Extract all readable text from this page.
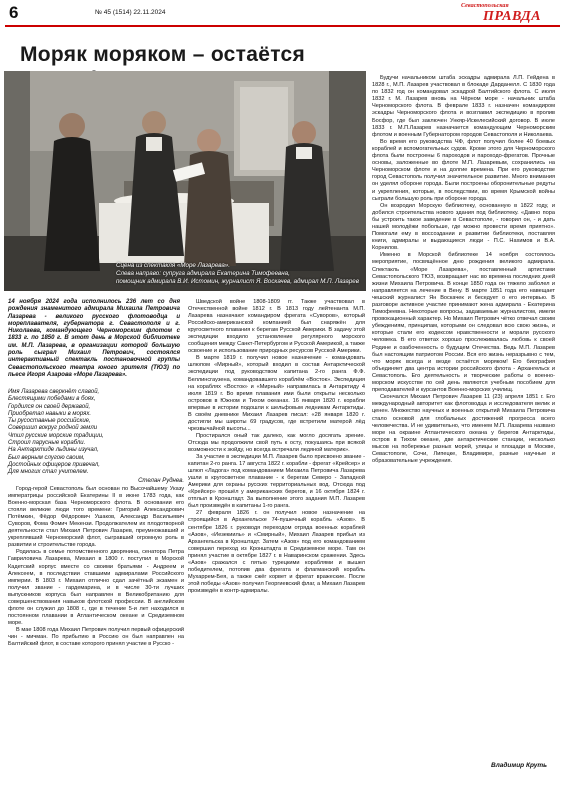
6	№ 45 (1514) 22.11.2024
Севастопольская
ПРАВДА
Моряк моряком – остаётся
Сцена из спектакля «Море Лазарева».
Слева направо: супруга адмирала Екатерина Тимофеевна,
помощник адмирала В.И. Истомин, журналист Я. Воскачев, адмирал М.П. Лазарев
14 ноября 2024 года исполнилось 236 лет со дня рождения знаменитого адмирала Михаила Петровича Лазарева - великого русского флотоводца и мореплавателя, губернатора г. Севастополя и г. Николаева, командующего Черноморским флотом с 1833 г. по 1850 г. В этот день в Морской библиотеке им. М.П. Лазарева, в организации которой большую роль сыграл Михаил Петрович, состоялся интерактивный спектакль постановочной группы Севастопольского театра юного зрителя (ТЮЗ) по пьесе Игоря Азарова «Море Лазарева».
Имя Лазарева сверкнёт славой,
Блестящими победами в боях,
Гордился он своей державой,
Приобретал навыки в морях.
Ты русоставные российские,
Совершил вокруг родной земли
Чтил русские морские традиции,
Строил парусные корабли.
На Антарктиде льдины изучал,
Был верным слугою своим,
Достойных офицеров привечал,
Для многих стал учителем.
Стелан Руднев.

Город-герой Севастополь был основан по Высочайшему Указу императрицы российской Екатерины II в июне 1783 года, как Военно-морская база Черноморского флота. В основании его стояли великие люди того времени: Григорий Александрович Потёмкин, Фёдор Фёдорович Ушаков, Александр Васильевич Суворов, Фома Фомич Мекензи. Продолжателем их плодотворной деятельности стал Михаил Петрович Лазарев, преумножавший и укреплявший Черноморский флот, сыгравший огромную роль в развитии и строительстве города.

Родилась в семье потомственного дворянина, сенатора Петра Гавриловича Лазарева, Михаил в 1800 г. поступил в Морской Кадетский корпус вместе со своими братьями - Андреем и Алексеем, в последствии ставшими адмиралами Российского империи. В 1803 г. Михаил отлично сдал зачётный экзамен и получил звание - гардемарина, и в числе 30-ти лучших выпускников корпуса был направлен в Великобританию для совершенствования навыков флотской профессии. В английском флоте он служил до 1808 г., где в течение 5-и лет находился в постоянном плавании в Атлантическом океане и Средиземном море.

В мае 1808 года Михаил Петрович получил первый офицерский чин - мичман. По прибытию в Россию он был направлен на Балтийский флот, в составе которого принял участие в Русско -

Шведской войне 1808-1809 гг. Также участвовал в Отечественной войне 1812 г. В 1813 году лейтенанта М.П. Лазарева назначают командиром фрегата «Суворов», который Российско-американской компанией был снаряжён для кругосветного плавания к берегам Русской Америки. В задачу этой экспедиции входило установление регулярного морского сообщения между Санкт-Петербургом и Русской Америкой, а также освоение и использование природных ресурсов Русской Америки.

В марте 1819 г. получил новое назначение - командовать шлюпом «Мирный», который входил в состав Антарктической экспедиции под руководством капитана 2-го ранга Ф.Ф. Беллинсгаузена, командовавшего кораблём «Восток». Экспедиция на кораблях «Восток» и «Мирный» направилась в Антарктиду 4 июля 1819 г. Во время плавания ими были открыты несколько островов в Южном и Тихом океанах. 16 января 1820 г. корабли впервые в истории подошли к шельфовым ледникам Антарктиды. В своём дневнике Михаил Лазарев писал: «28 января 1820 г. достигли мы широты 69 градусов, где встретили матерой лёд чрезвычайной высоты...

Простирался оный так далеко, как могло досягать зрение. Отсюда мы продолжили свой путь к осту, покушаясь при всякой возможности к зюйду, но всегда встречали ледяной материк».

За участие в экспедиции М.П. Лазарев было присвоено звание - капитан 2-го ранга. 17 августа 1822 г. корабли - фрегат «Крейсер» и шлюп «Ладога» под командованием Михаила Петровича Лазарева ушли в кругосветное плавание - к берегам Северо - Западной Америки для охраны русских территориальных вод. Отсюда под «Крейсер» прошёл у американских берегов, и 16 октября 1824 г. отплыл в Кронштадт. За выполнение этого задания М.П. Лазарев был произведён в капитаны 1-го ранга.

27 февраля 1826 г. он получил новое назначение на строящийся в Архангельске 74-пушечный корабль «Азов». В сентябре 1826 г. руководя переходом отряда военных кораблей «Азов», «Иезекииль» и «Смирный», Михаил Лазарев прибыл из Архангельска в Кронштадт. Затем «Азов» под его командованием совершил переход из Кронштадта в Средиземное море. Там он принял участие в октябре 1827 г. в Наваринском сражении. Здесь «Азов» сражался с пятью турецкими кораблями и вышел победителем, потопив два фрегата и флагманский корабль Мухаррем-Бея, а также сжёг корвет и фрегат вражеские. После этой победы «Азов» получил Георгиевский флаг, а Михаил Лазарев произведён в контр-адмиралы.

Будучи начальником штаба эскадры адмирала Л.П. Гейдена в 1828 г., М.П. Лазарев участвовал в блокаде Дарданелл. С 1830 года по 1832 год он командовал эскадрой Балтийского флота. С июля 1832 г. М. Лазарев вновь на Чёрном море - начальник штаба Черноморского флота. В феврале 1833 г. назначен командиром эскадры Черноморского флота и возглавил экспедицию в пролив Босфор, где был заключен Ункяр-Искелесийский договор. В июле 1833 г. М.П.Лазарев назначается командующим Черноморским флотом и военным Губернатором городов Севастополя и Николаева.

Во время его руководства ЧФ, флот получил более 40 боевых кораблей и вспомогательных судов. Кроме этого для Черноморского флота были построены 6 пароходов и пароходо-фрегатов. Прочные основы, заложенные во флоте М.П. Лазаревым, сохранились на Черноморском флоте и на долгие времена. При его руководстве город Севастополь получил значительное развитие. Много внимания он уделял обороне города. Были построены оборонительные редуты и укрепления, которые, в последствии, во время Крымской войны сыграли большую роль при обороне города.

Он возродил Морскую библиотеку, основанную в 1822 году, и добился строительства нового здания под библиотеку. «Давно пора бы устроить такое заведение в Севастополе, - говорил он, - и дать нашей молодёжи побольше, где можно провести время приятно». Помогали ему в воссоздании и развитии библиотеки, поставляя книги, адмиралы и выдающиеся люди - П.С. Нахимов и В.А. Корнилов.

Именно в Морской библиотеке 14 ноября состоялось мероприятие, посвящённое дню рождения великого адмирала. Спектакль «Море Лазарева», поставленный артистами Севастопольского ТЮЗ, возвращает нас во времена последних дней жизни Михаила Петровича. В конце 1850 года он тяжело заболел и направляется на лечение в Вену. В марте 1851 года его навещает чешский журналист Ян Воскачек и беседует о его интервью. В разговоре активное участие принимают жена адмирала - Екатерина Тимофеевна. Некоторые вопросы, задаваемые журналистом, имели провокационный характер. Но Михаил Петрович чётко отвечал своим убеждениям, принципам, которыми он следовал всю свою жизнь, и которые стали его кодексом нравственности и морали русского человека. В его ответах хорошо прослеживалась любовь к своей Родине и озабоченность о будущем Отечества. Ведь М.П. Лазарев был настоящим патриотом России. Вся его жизнь неразрывно с тем, что моряк всегда и везде остаётся моряком! Его биография объединяет два центра истории российского флота - Архангельск и Севастополь. Его деятельность и творческие работы о военно-морском искусстве по сей день являются учебным пособием для преподавателей и курсантов Военно-морских училищ.

Скончался Михаил Петрович Лазарев 11 (23) апреля 1851 г. Его международный авторитет как флотоводца и исследователя велик и ценен. Множество научных и военных открытий Михаила Петровича стало основой для глобальных достижений прогресса всего человечества. И не удивительно, что именем М.П. Лазарева названо море на окраине Атлантического океана у берегов Антарктиды, остров в Тихом океане, две антарктические станции, несколько мысов на побережье разных морей, улицы и площади в Москве, Севастополе, Сочи, Липецке, Владимире, разные научные и образовательные учреждения.

Владимир Круть
